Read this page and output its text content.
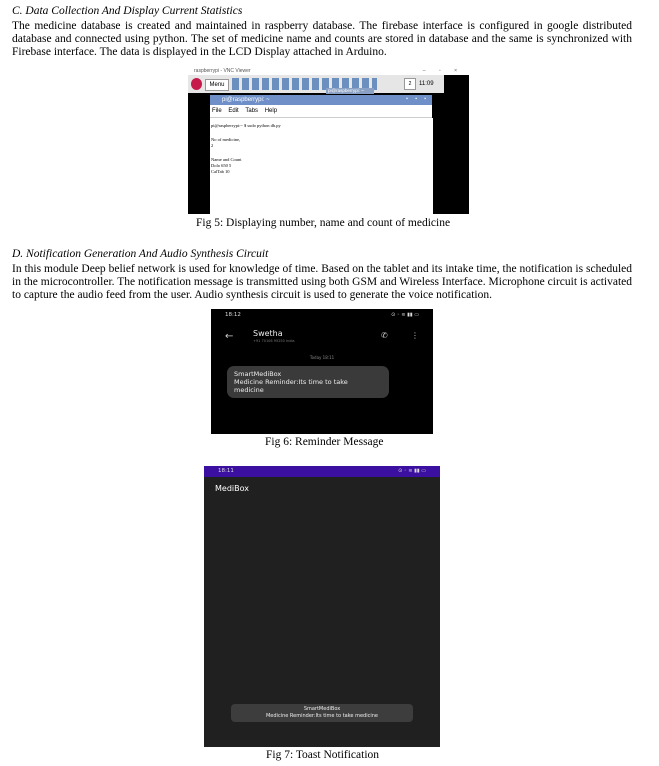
C. Data Collection And Display Current Statistics
The medicine database is created and maintained in raspberry database. The firebase interface is configured in google distributed database and connected using python. The set of medicine name and counts are stored in database and the same is synchronized with Firebase interface. The data is displayed in the LCD Display attached in Arduino.
raspberrypi - VNC Viewer	– ▫ ×
Menu
pi@raspberrypi: ~
2 11:09
pi@raspberrypi: ~	▪ ▪ ▪
File Edit Tabs Help
pi@raspberrypi:~ $ sudo python db.py
No of medicine,
2
Name and Count
Dolo 650 5
CalTab 10
Fig 5: Displaying number, name and count of medicine
D. Notification Generation And Audio Synthesis Circuit
In this module Deep belief network is used for knowledge of time. Based on the tablet and its intake time, the notification is scheduled in the microcontroller. The notification message is transmitted using both GSM and Wireless Interface. Microphone circuit is activated to capture the audio feed from the user. Audio synthesis circuit is used to generate the voice notification.
18:12	⊙ ◦ ≋ ▮▮ ▭
← Swetha
+91 70106 95250 India
✆	⋮
Today 18:11
SmartMediBox
Medicine Reminder:Its time to take
medicine
Fig 6: Reminder Message
18:11	⊙ ◦ ≋ ▮▮ ▭
MediBox
SmartMediBox
Medicine Reminder:Its time to take medicine
Fig 7: Toast Notification
